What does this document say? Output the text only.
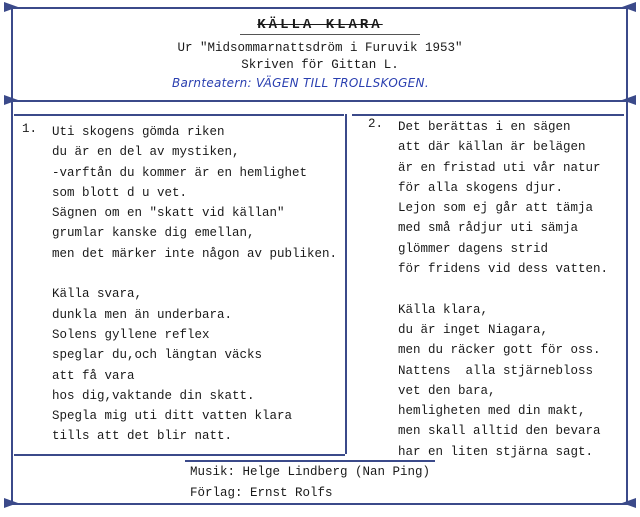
KÄLLA KLARA
Ur "Midsommarnattsdröm i Furuvik 1953"
Skriven för Gittan L.
Barnteatern: VÄGEN TILL TROLLSKOGEN.
1. Uti skogens gömda riken
du är en del av mystiken,
-varftån du kommer är en hemlighet
som blott d u vet.
Sägnen om en "skatt vid källan"
grumlar kanske dig emellan,
men det märker inte någon av publiken.

Källa svara,
dunkla men än underbara.
Solens gyllene reflex
speglar du,och längtan väcks
att få vara
hos dig,vaktande din skatt.
Spegla mig uti ditt vatten klara
tills att det blir natt.
2. Det berättas i en sägen
att där källan är belägen
är en fristad uti vår natur
för alla skogens djur.
Lejon som ej går att tämja
med små rådjur uti sämja
glömmer dagens strid
för fridens vid dess vatten.

Källa klara,
du är inget Niagara,
men du räcker gott för oss.
Nattens  alla stjärnebloss
vet den bara,
hemligheten med din makt,
men skall alltid den bevara
har en liten stjärna sagt.
Musik: Helge Lindberg (Nan Ping)
Förlag: Ernst Rolfs
